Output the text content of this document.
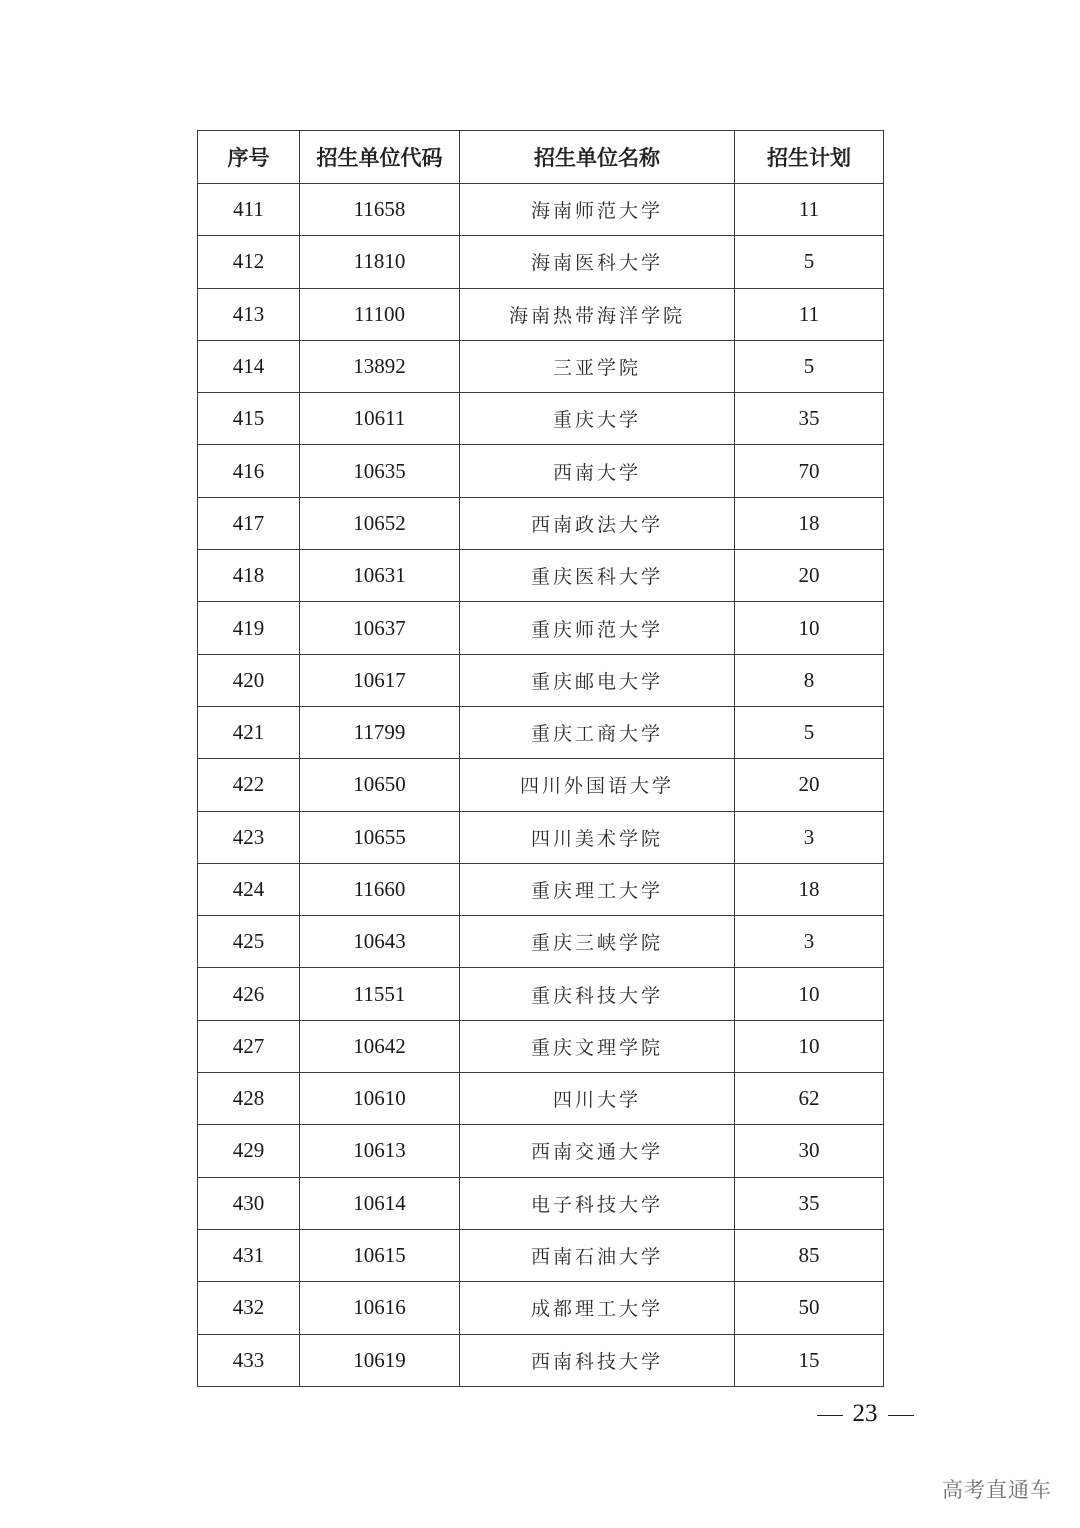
序号	招生单位代码	招生单位名称	招生计划
411	11658	海南师范大学	11
412	11810	海南医科大学	5
413	11100	海南热带海洋学院	11
414	13892	三亚学院	5
415	10611	重庆大学	35
416	10635	西南大学	70
417	10652	西南政法大学	18
418	10631	重庆医科大学	20
419	10637	重庆师范大学	10
420	10617	重庆邮电大学	8
421	11799	重庆工商大学	5
422	10650	四川外国语大学	20
423	10655	四川美术学院	3
424	11660	重庆理工大学	18
425	10643	重庆三峡学院	3
426	11551	重庆科技大学	10
427	10642	重庆文理学院	10
428	10610	四川大学	62
429	10613	西南交通大学	30
430	10614	电子科技大学	35
431	10615	西南石油大学	85
432	10616	成都理工大学	50
433	10619	西南科技大学	15
23
高考直通车
